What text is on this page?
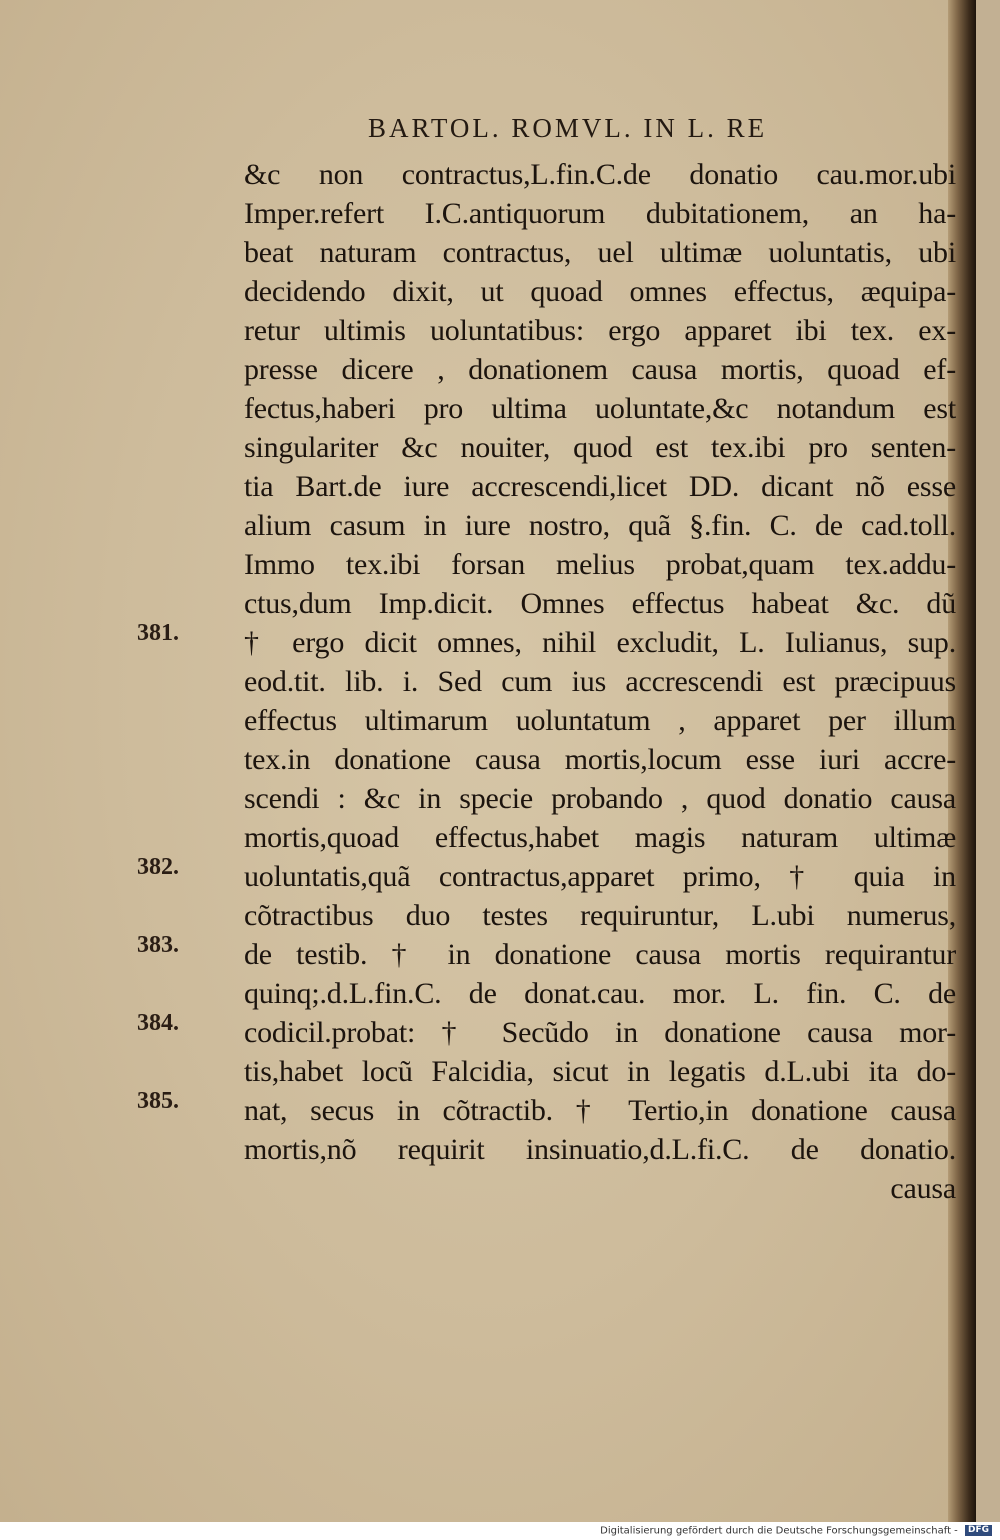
BARTOL. ROMVL. IN L. RE
381.
382.
383.
384.
385.
&c non contractus,L.fin.C.de donatio cau.mor.ubi
Imper.refert I.C.antiquorum dubitationem, an ha-
beat naturam contractus, uel ultimæ uoluntatis, ubi
decidendo dixit, ut quoad omnes effectus, æquipa-
retur ultimis uoluntatibus: ergo apparet ibi tex. ex-
presse dicere , donationem causa mortis, quoad ef-
fectus,haberi pro ultima uoluntate,&c notandum est
singulariter &c nouiter, quod est tex.ibi pro senten-
tia Bart.de iure accrescendi,licet DD. dicant nõ esse
alium casum in iure nostro, quã §.fin. C. de cad.toll.
Immo tex.ibi forsan melius probat,quam tex.addu-
ctus,dum Imp.dicit. Omnes effectus habeat &c. dũ
† ergo dicit omnes, nihil excludit, L. Iulianus, sup.
eod.tit. lib. i. Sed cum ius accrescendi est præcipuus
effectus ultimarum uoluntatum , apparet per illum
tex.in donatione causa mortis,locum esse iuri accre-
scendi : &c in specie probando , quod donatio causa
mortis,quoad effectus,habet magis naturam ultimæ
uoluntatis,quã contractus,apparet primo, † quia in
cõtractibus duo testes requiruntur, L.ubi numerus,
de testib. † in donatione causa mortis requirantur
quinq;.d.L.fin.C. de donat.cau. mor. L. fin. C. de
codicil.probat: † Secũdo in donatione causa mor-
tis,habet locũ Falcidia, sicut in legatis d.L.ubi ita do-
nat, secus in cõtractib. † Tertio,in donatione causa
mortis,nõ requirit insinuatio,d.L.fi.C. de donatio.
causa
Digitalisierung gefördert durch die Deutsche Forschungsgemeinschaft - DFG
